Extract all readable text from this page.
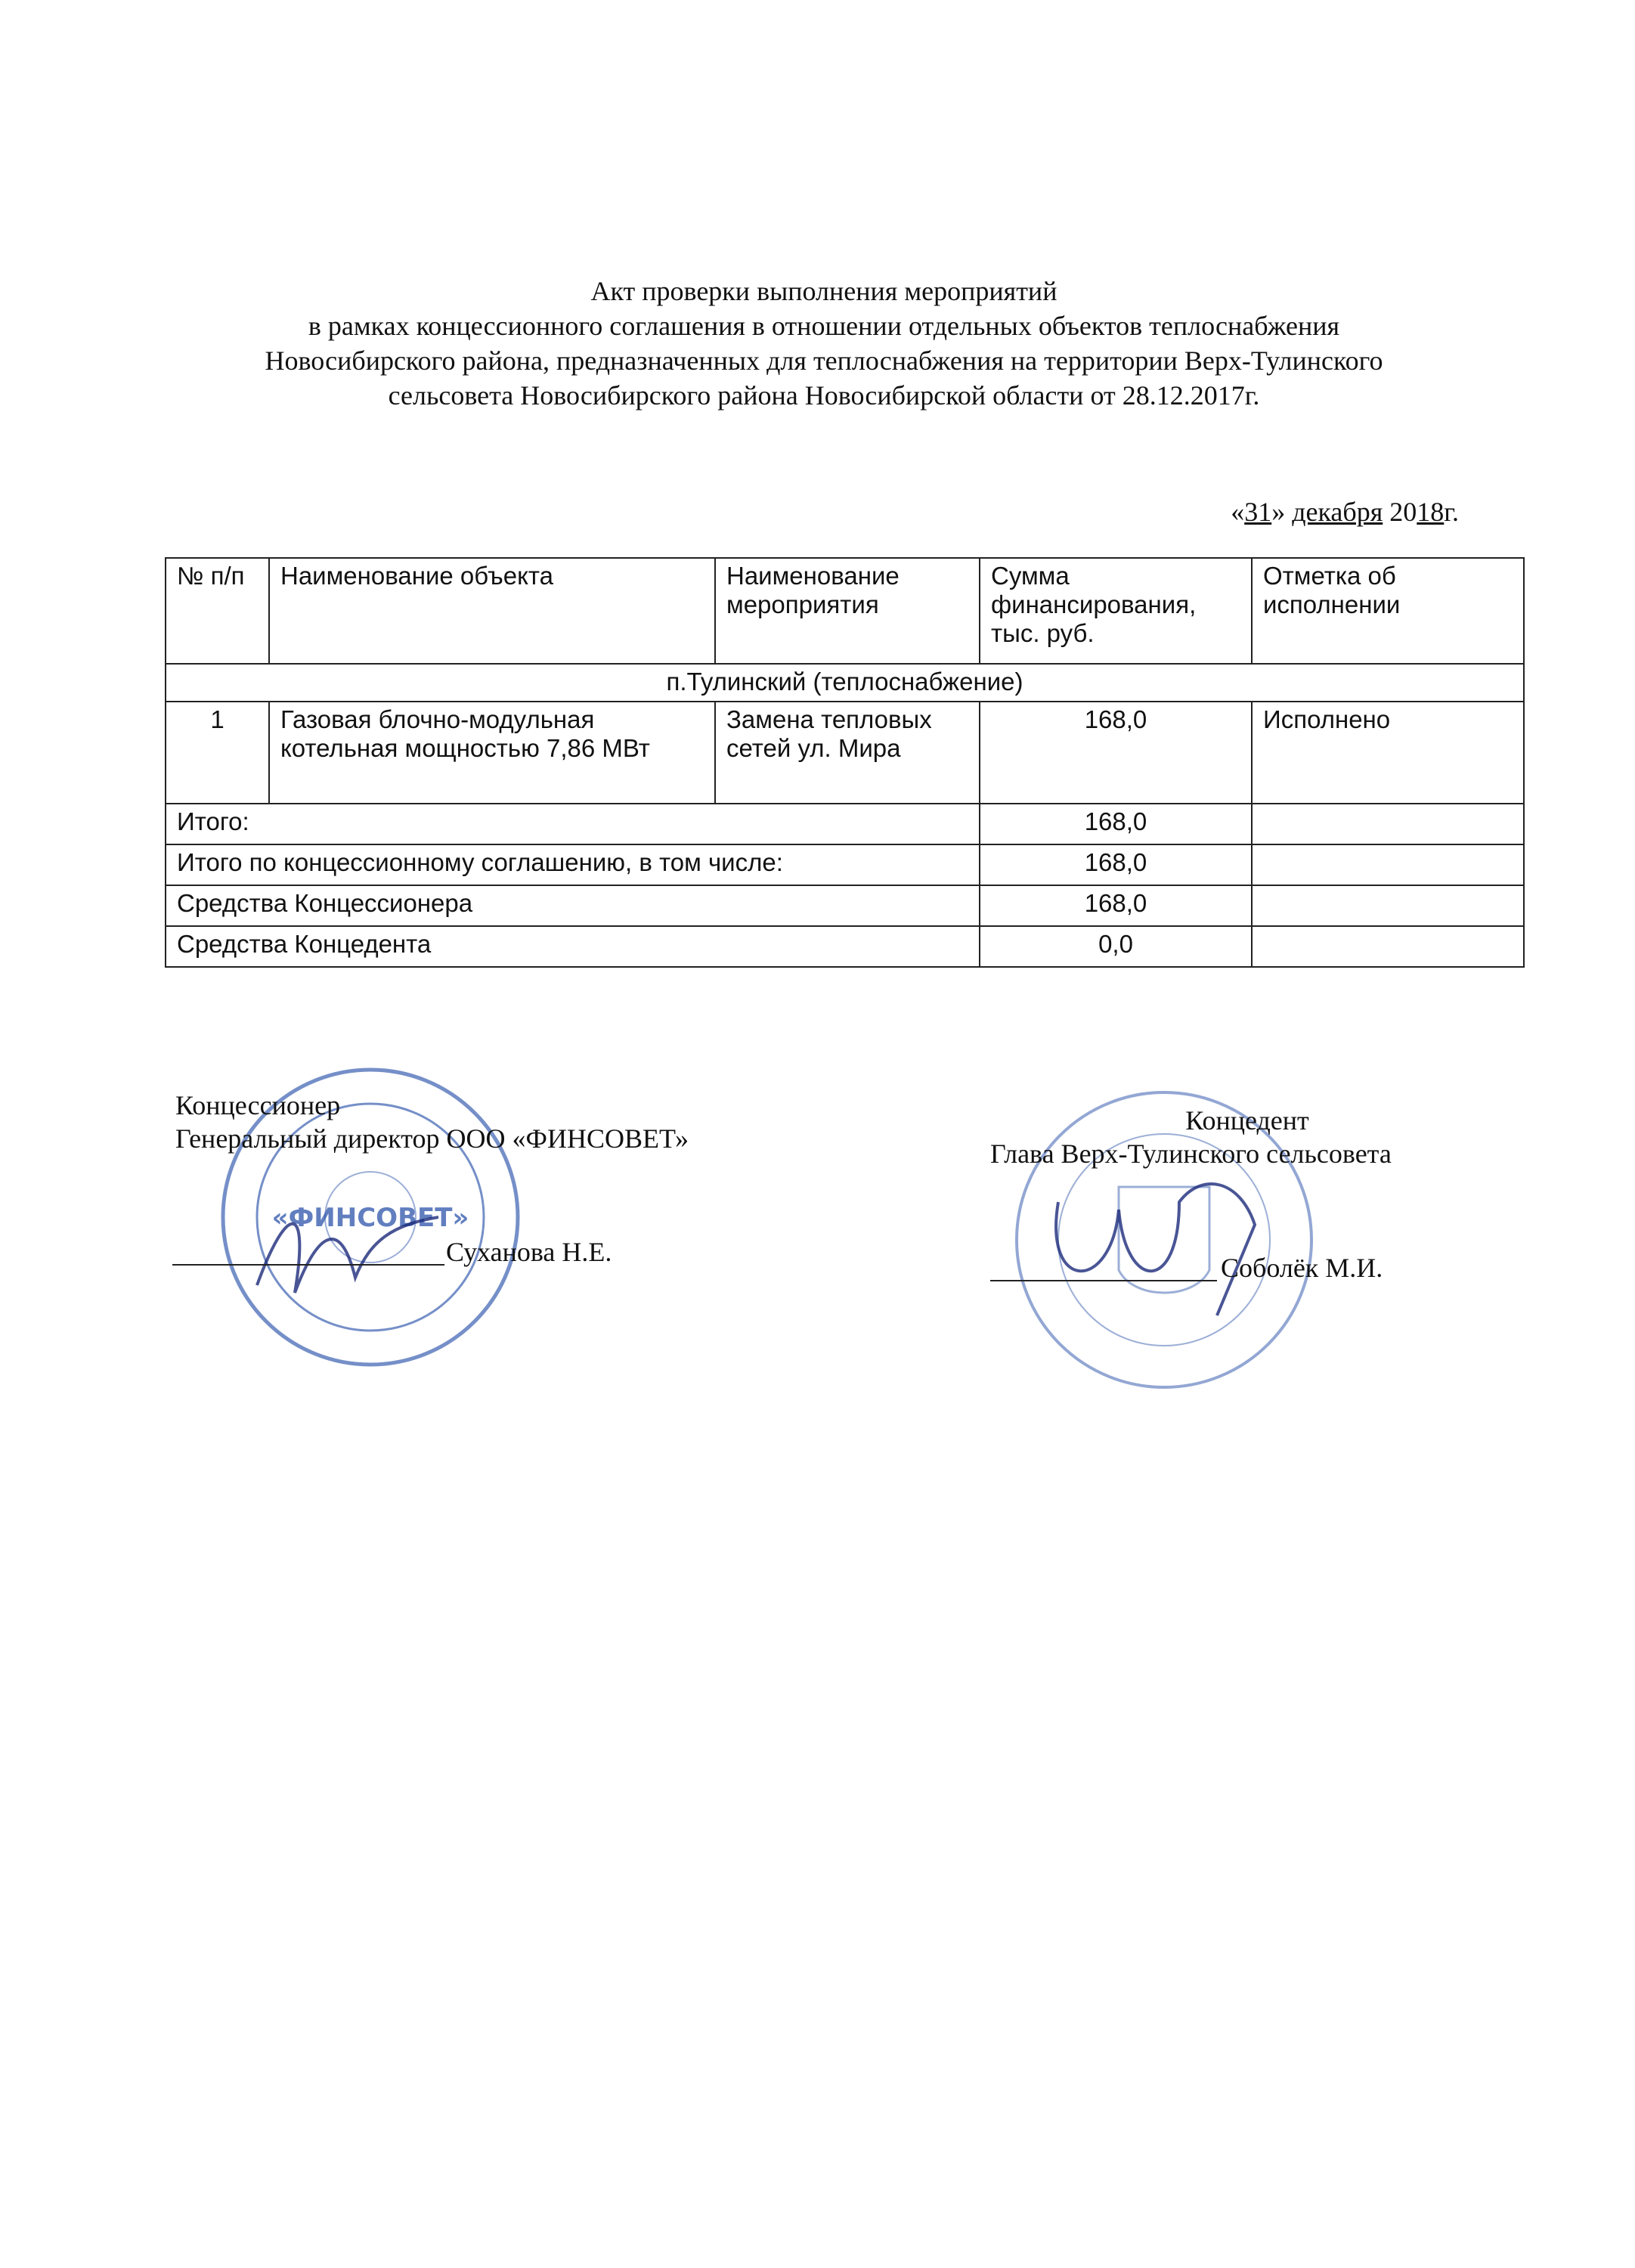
Акт проверки выполнения мероприятий
в рамках концессионного соглашения в отношении отдельных объектов теплоснабжения
Новосибирского района, предназначенных для теплоснабжения на территории Верх-Тулинского
сельсовета Новосибирского района Новосибирской области от 28.12.2017г.
«31» декабря 2018г.
№ п/п	Наименование объекта	Наименование мероприятия	Сумма финансирования, тыс. руб.	Отметка об исполнении
п.Тулинский (теплоснабжение)				
1	Газовая блочно-модульная котельная мощностью 7,86 МВт	Замена тепловых сетей ул. Мира	168,0	Исполнено
Итого:			168,0	
Итого по концессионному соглашению, в том числе:			168,0	
Средства Концессионера			168,0	
Средства Концедента			0,0	
«ФИНСОВЕТ»
Концессионер
Генеральный директор ООО «ФИНСОВЕТ»
Суханова Н.Е.
Концедент
Глава Верх-Тулинского сельсовета
Соболёк М.И.
